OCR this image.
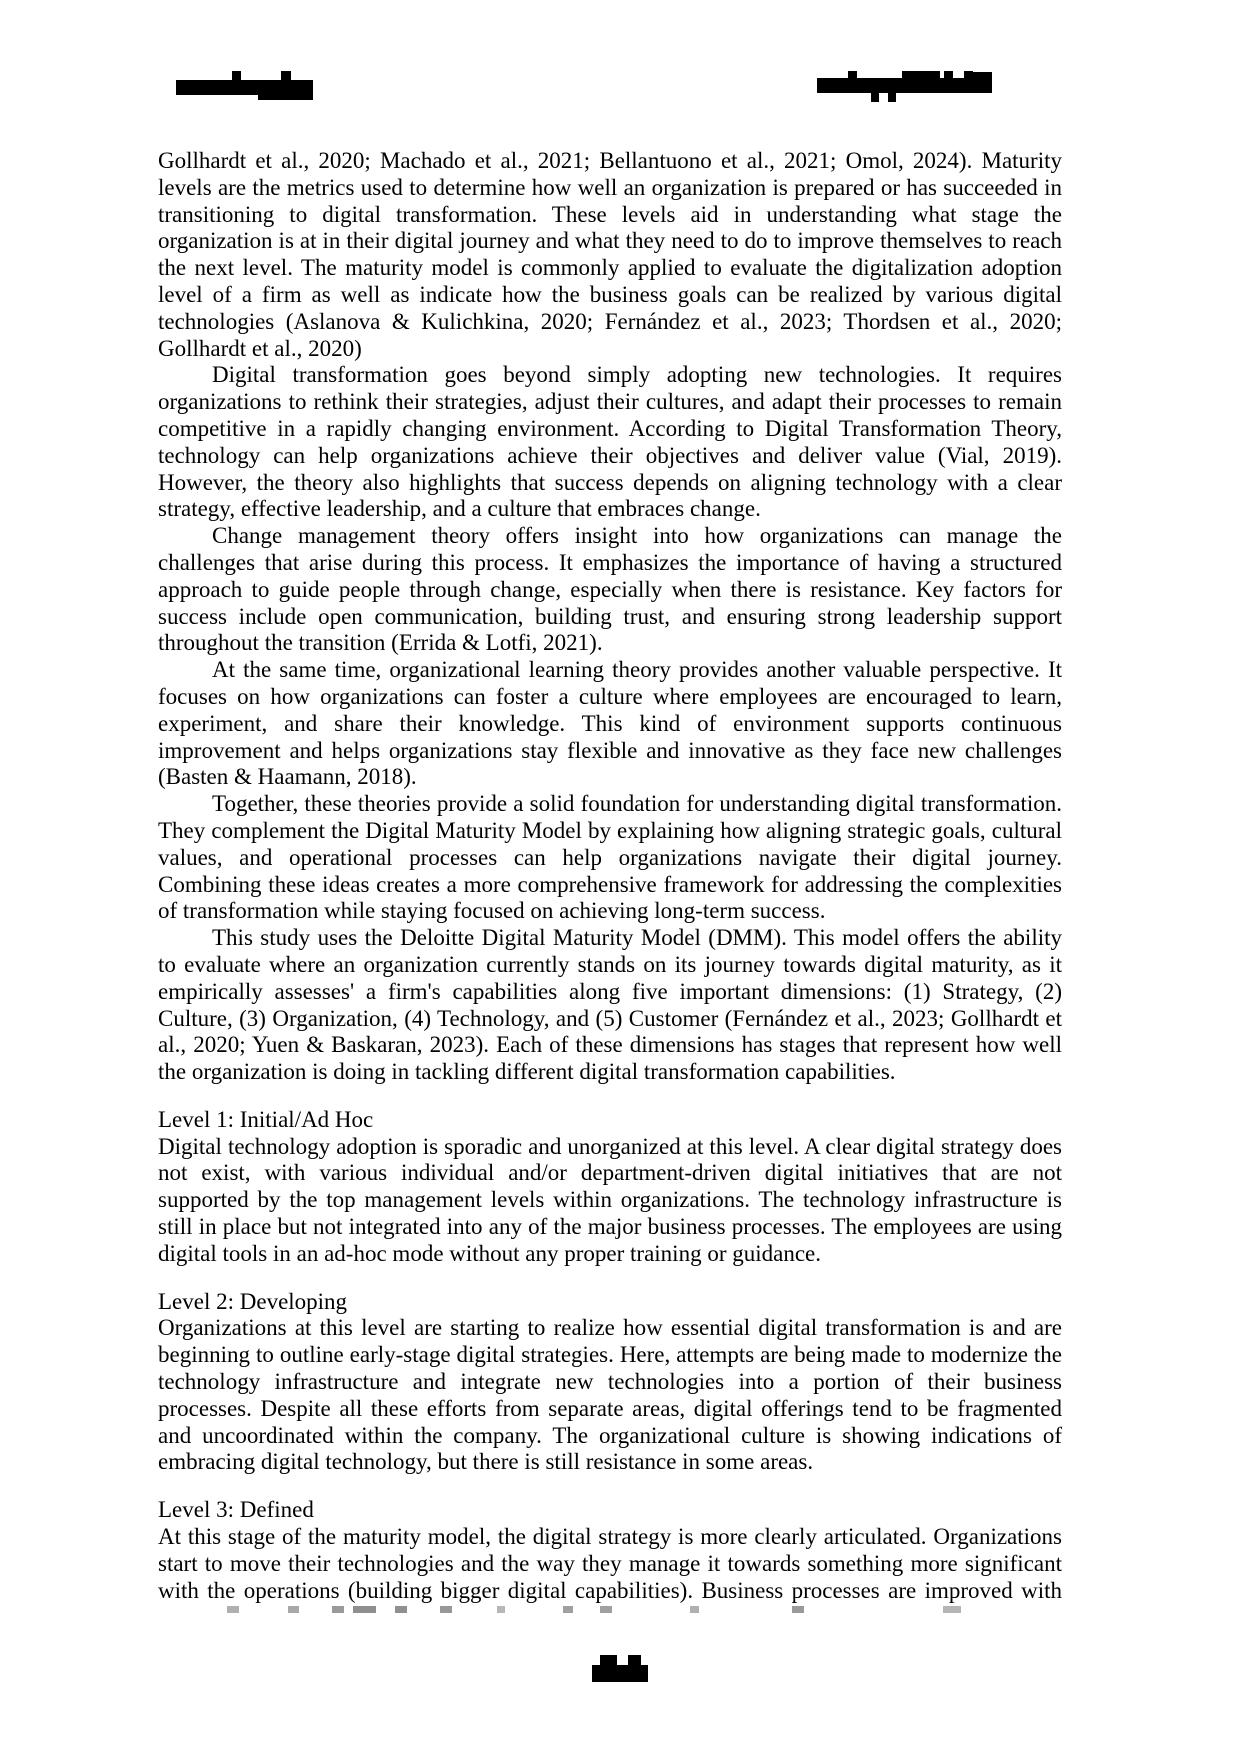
Gollhardt et al., 2020; Machado et al., 2021; Bellantuono et al., 2021; Omol, 2024). Maturity levels are the metrics used to determine how well an organization is prepared or has succeeded in transitioning to digital transformation. These levels aid in understanding what stage the organization is at in their digital journey and what they need to do to improve themselves to reach the next level. The maturity model is commonly applied to evaluate the digitalization adoption level of a firm as well as indicate how the business goals can be realized by various digital technologies (Aslanova & Kulichkina, 2020; Fernández et al., 2023; Thordsen et al., 2020; Gollhardt et al., 2020)

Digital transformation goes beyond simply adopting new technologies. It requires organizations to rethink their strategies, adjust their cultures, and adapt their processes to remain competitive in a rapidly changing environment. According to Digital Transformation Theory, technology can help organizations achieve their objectives and deliver value (Vial, 2019). However, the theory also highlights that success depends on aligning technology with a clear strategy, effective leadership, and a culture that embraces change.

Change management theory offers insight into how organizations can manage the challenges that arise during this process. It emphasizes the importance of having a structured approach to guide people through change, especially when there is resistance. Key factors for success include open communication, building trust, and ensuring strong leadership support throughout the transition (Errida & Lotfi, 2021).

At the same time, organizational learning theory provides another valuable perspective. It focuses on how organizations can foster a culture where employees are encouraged to learn, experiment, and share their knowledge. This kind of environment supports continuous improvement and helps organizations stay flexible and innovative as they face new challenges (Basten & Haamann, 2018).

Together, these theories provide a solid foundation for understanding digital transformation. They complement the Digital Maturity Model by explaining how aligning strategic goals, cultural values, and operational processes can help organizations navigate their digital journey. Combining these ideas creates a more comprehensive framework for addressing the complexities of transformation while staying focused on achieving long-term success.

This study uses the Deloitte Digital Maturity Model (DMM). This model offers the ability to evaluate where an organization currently stands on its journey towards digital maturity, as it empirically assesses' a firm's capabilities along five important dimensions: (1) Strategy, (2) Culture, (3) Organization, (4) Technology, and (5) Customer (Fernández et al., 2023; Gollhardt et al., 2020; Yuen & Baskaran, 2023). Each of these dimensions has stages that represent how well the organization is doing in tackling different digital transformation capabilities.

Level 1: Initial/Ad Hoc

Digital technology adoption is sporadic and unorganized at this level. A clear digital strategy does not exist, with various individual and/or department-driven digital initiatives that are not supported by the top management levels within organizations. The technology infrastructure is still in place but not integrated into any of the major business processes. The employees are using digital tools in an ad-hoc mode without any proper training or guidance.

Level 2: Developing

Organizations at this level are starting to realize how essential digital transformation is and are beginning to outline early-stage digital strategies. Here, attempts are being made to modernize the technology infrastructure and integrate new technologies into a portion of their business processes. Despite all these efforts from separate areas, digital offerings tend to be fragmented and uncoordinated within the company. The organizational culture is showing indications of embracing digital technology, but there is still resistance in some areas.

Level 3: Defined

At this stage of the maturity model, the digital strategy is more clearly articulated. Organizations start to move their technologies and the way they manage it towards something more significant with the operations (building bigger digital capabilities). Business processes are improved with
